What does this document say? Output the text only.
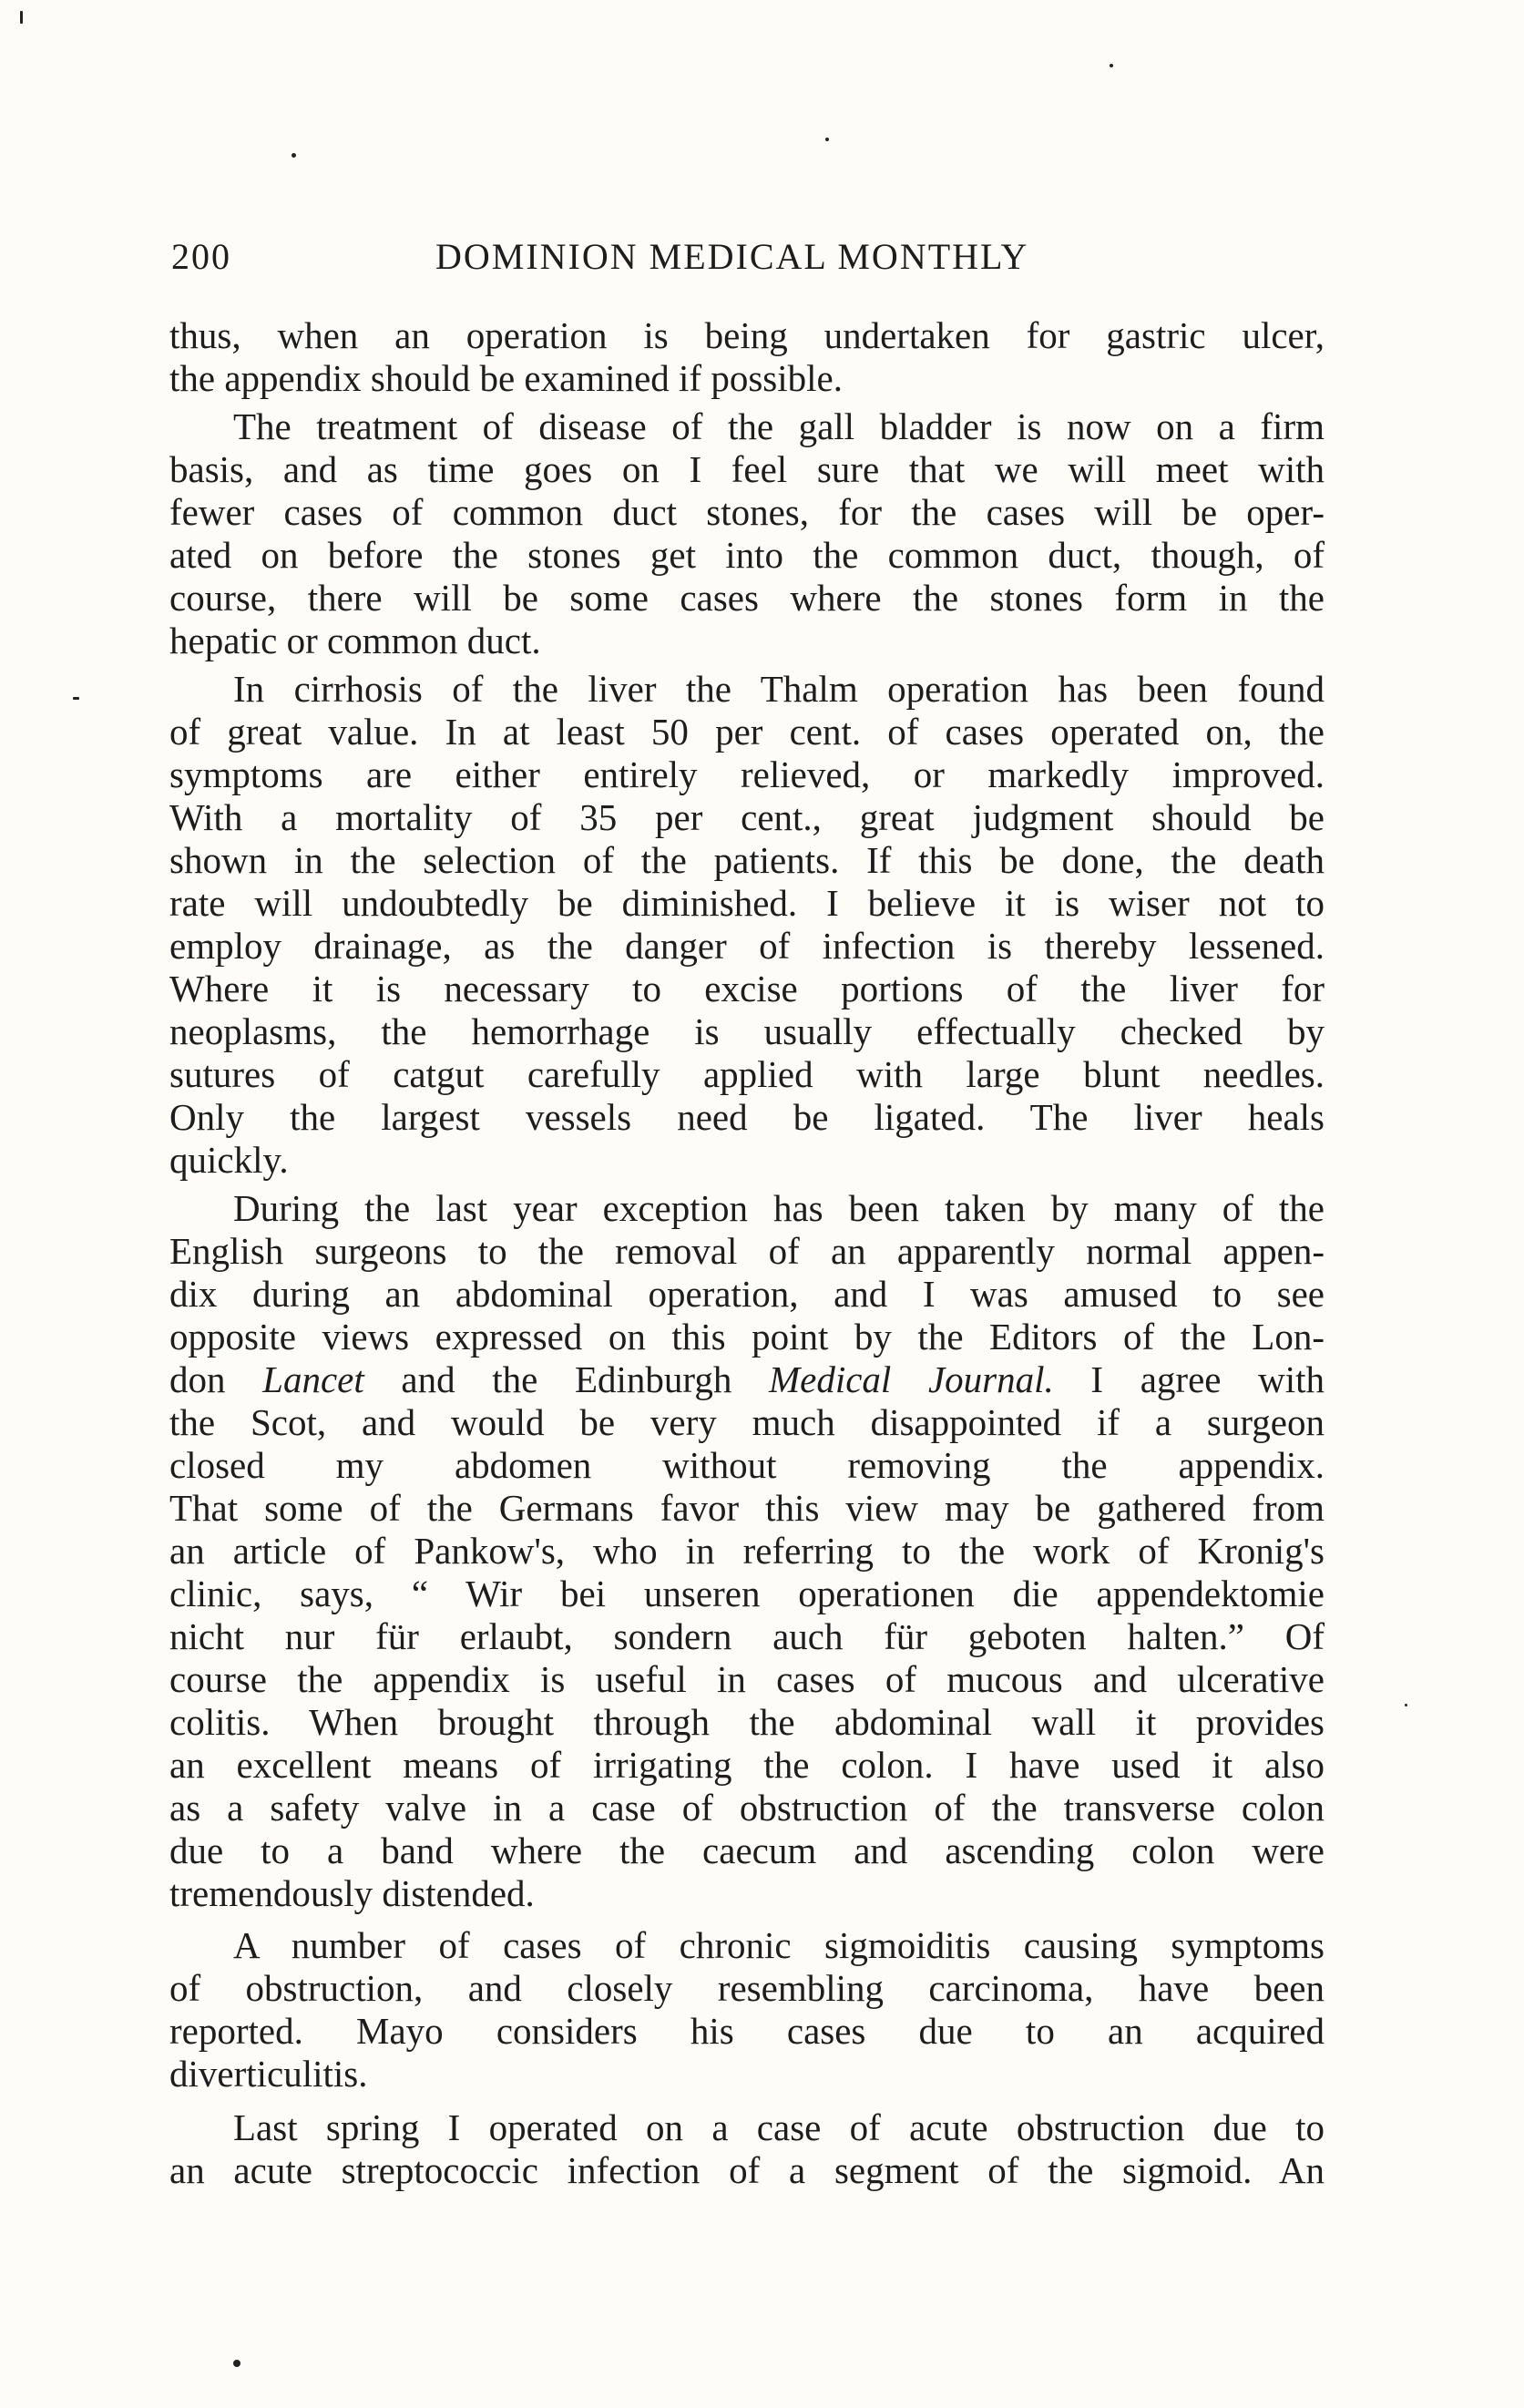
200	DOMINION MEDICAL MONTHLY
thus, when an operation is being undertaken for gastric ulcer,
the appendix should be examined if possible.
The treatment of disease of the gall bladder is now on a firm
basis, and as time goes on I feel sure that we will meet with
fewer cases of common duct stones, for the cases will be oper-
ated on before the stones get into the common duct, though, of
course, there will be some cases where the stones form in the
hepatic or common duct.
In cirrhosis of the liver the Thalm operation has been found
of great value. In at least 50 per cent. of cases operated on, the
symptoms are either entirely relieved, or markedly improved.
With a mortality of 35 per cent., great judgment should be
shown in the selection of the patients. If this be done, the death
rate will undoubtedly be diminished. I believe it is wiser not to
employ drainage, as the danger of infection is thereby lessened.
Where it is necessary to excise portions of the liver for
neoplasms, the hemorrhage is usually effectually checked by
sutures of catgut carefully applied with large blunt needles.
Only the largest vessels need be ligated. The liver heals
quickly.
During the last year exception has been taken by many of the
English surgeons to the removal of an apparently normal appen-
dix during an abdominal operation, and I was amused to see
opposite views expressed on this point by the Editors of the Lon-
don Lancet and the Edinburgh Medical Journal. I agree with
the Scot, and would be very much disappointed if a surgeon
closed my abdomen without removing the appendix.
That some of the Germans favor this view may be gathered from
an article of Pankow's, who in referring to the work of Kronig's
clinic, says, “ Wir bei unseren operationen die appendektomie
nicht nur für erlaubt, sondern auch für geboten halten.” Of
course the appendix is useful in cases of mucous and ulcerative
colitis. When brought through the abdominal wall it provides
an excellent means of irrigating the colon. I have used it also
as a safety valve in a case of obstruction of the transverse colon
due to a band where the caecum and ascending colon were
tremendously distended.
A number of cases of chronic sigmoiditis causing symptoms
of obstruction, and closely resembling carcinoma, have been
reported. Mayo considers his cases due to an acquired
diverticulitis.
Last spring I operated on a case of acute obstruction due to
an acute streptococcic infection of a segment of the sigmoid. An
